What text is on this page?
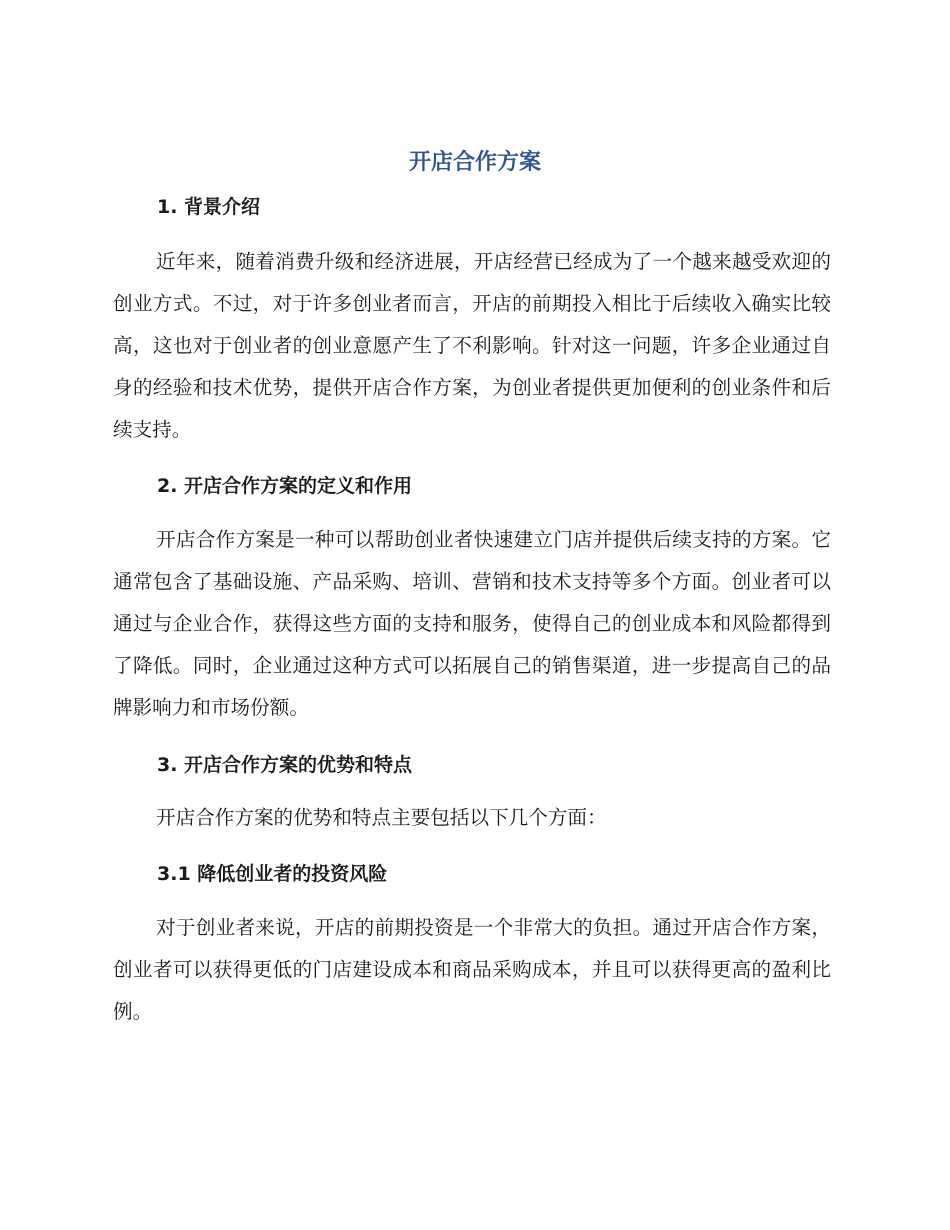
开店合作方案
1. 背景介绍

近年来，随着消费升级和经济进展，开店经营已经成为了一个越来越受欢迎的创业方式。不过，对于许多创业者而言，开店的前期投入相比于后续收入确实比较高，这也对于创业者的创业意愿产生了不利影响。针对这一问题，许多企业通过自身的经验和技术优势，提供开店合作方案，为创业者提供更加便利的创业条件和后续支持。

2. 开店合作方案的定义和作用

开店合作方案是一种可以帮助创业者快速建立门店并提供后续支持的方案。它通常包含了基础设施、产品采购、培训、营销和技术支持等多个方面。创业者可以通过与企业合作，获得这些方面的支持和服务，使得自己的创业成本和风险都得到了降低。同时，企业通过这种方式可以拓展自己的销售渠道，进一步提高自己的品牌影响力和市场份额。

3. 开店合作方案的优势和特点

开店合作方案的优势和特点主要包括以下几个方面：

3.1 降低创业者的投资风险

对于创业者来说，开店的前期投资是一个非常大的负担。通过开店合作方案，创业者可以获得更低的门店建设成本和商品采购成本，并且可以获得更高的盈利比例。
